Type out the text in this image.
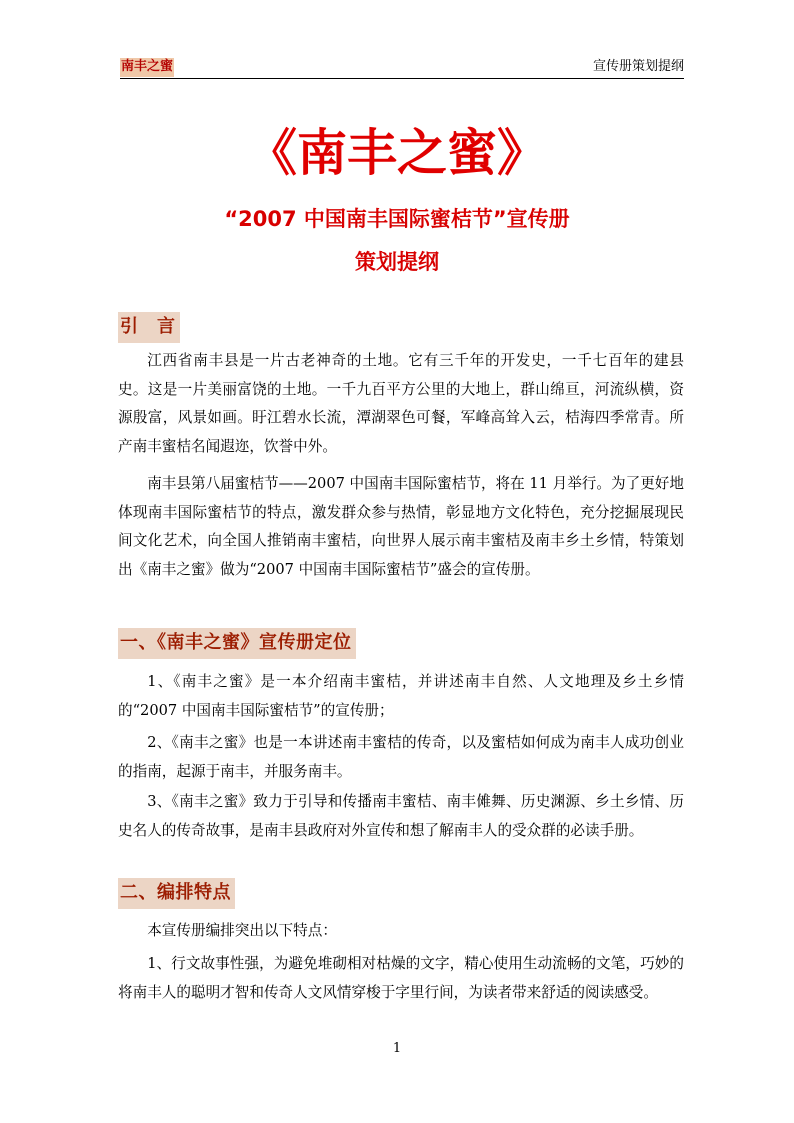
南丰之蜜	宣传册策划提纲
《南丰之蜜》
“2007 中国南丰国际蜜桔节”宣传册
策划提纲
引　言
江西省南丰县是一片古老神奇的土地。它有三千年的开发史，一千七百年的建县史。这是一片美丽富饶的土地。一千九百平方公里的大地上，群山绵亘，河流纵横，资源殷富，风景如画。盱江碧水长流，潭湖翠色可餐，军峰高耸入云，桔海四季常青。所产南丰蜜桔名闻遐迩，饮誉中外。
南丰县第八届蜜桔节——2007 中国南丰国际蜜桔节，将在 11 月举行。为了更好地体现南丰国际蜜桔节的特点，激发群众参与热情，彰显地方文化特色，充分挖掘展现民间文化艺术，向全国人推销南丰蜜桔，向世界人展示南丰蜜桔及南丰乡土乡情，特策划出《南丰之蜜》做为“2007 中国南丰国际蜜桔节”盛会的宣传册。
一、《南丰之蜜》宣传册定位
1、《南丰之蜜》是一本介绍南丰蜜桔，并讲述南丰自然、人文地理及乡土乡情的“2007 中国南丰国际蜜桔节”的宣传册；
2、《南丰之蜜》也是一本讲述南丰蜜桔的传奇，以及蜜桔如何成为南丰人成功创业的指南，起源于南丰，并服务南丰。
3、《南丰之蜜》致力于引导和传播南丰蜜桔、南丰傩舞、历史渊源、乡土乡情、历史名人的传奇故事，是南丰县政府对外宣传和想了解南丰人的受众群的必读手册。
二、编排特点
本宣传册编排突出以下特点：
1、行文故事性强，为避免堆砌相对枯燥的文字，精心使用生动流畅的文笔，巧妙的将南丰人的聪明才智和传奇人文风情穿梭于字里行间，为读者带来舒适的阅读感受。
1
